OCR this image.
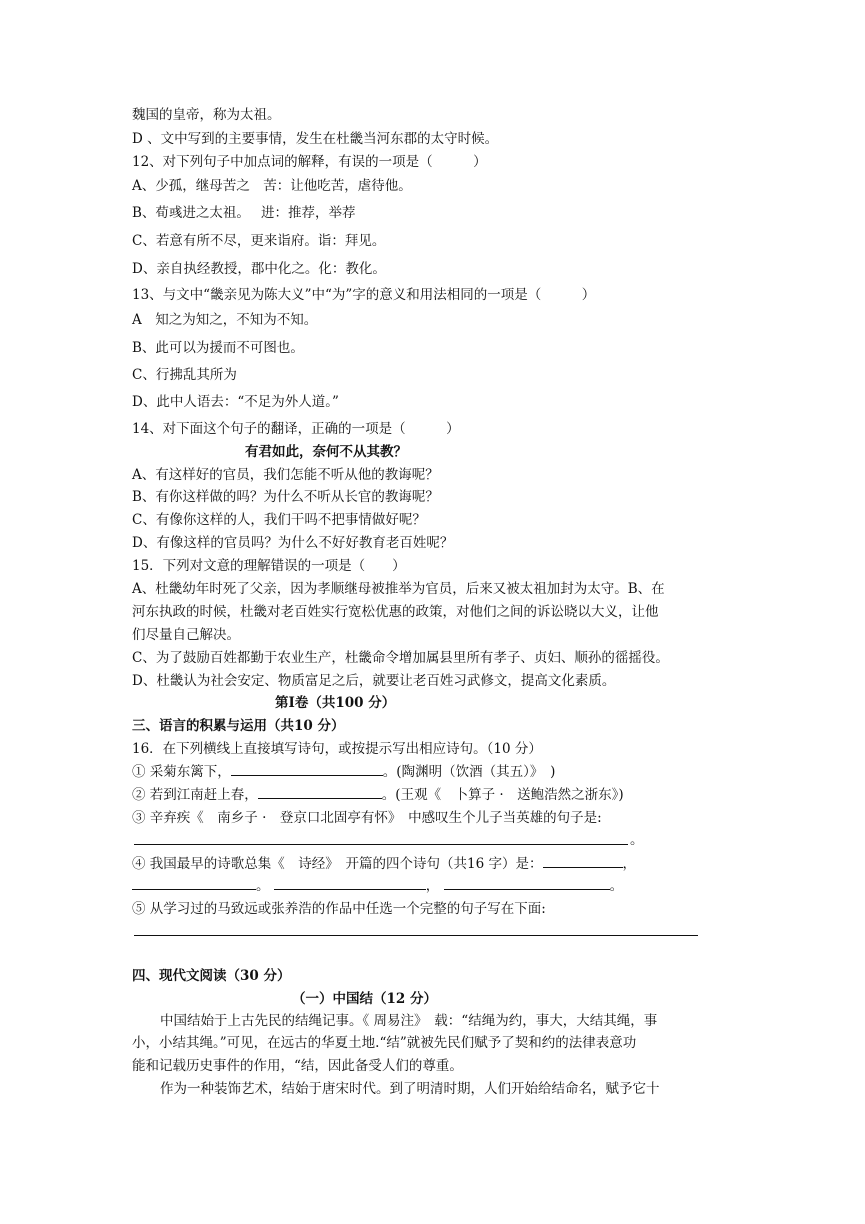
魏国的皇帝，称为太祖。
D 、文中写到的主要事情，发生在杜畿当河东郡的太守时候。
12、对下列句子中加点词的解释，有误的一项是（　　　）
A、少孤，继母苦之　苦：让他吃苦，虐待他。
B、荀彧进之太祖。　 进：推荐，举荐
C、若意有所不尽，更来诣府。诣：拜见。
D、亲自执经教授，郡中化之。化：教化。
13、与文中“畿亲见为陈大义”中“为”字的意义和用法相同的一项是（　　　）
A　知之为知之，不知为不知。
B、此可以为援而不可图也。
C、行拂乱其所为
D、此中人语去：“不足为外人道。”
14、对下面这个句子的翻译，正确的一项是（　　　）
有君如此，奈何不从其教？
A、有这样好的官员，我们怎能不听从他的教诲呢？
B、有你这样做的吗？为什么不听从长官的教诲呢？
C、有像你这样的人，我们干吗不把事情做好呢？
D、有像这样的官员吗？为什么不好好教育老百姓呢？
15．下列对文意的理解错误的一项是（　　）
A、杜畿幼年时死了父亲，因为孝顺继母被推举为官员，后来又被太祖加封为太守。B、在
河东执政的时候，杜畿对老百姓实行宽松优惠的政策，对他们之间的诉讼晓以大义，让他
们尽量自己解决。
C、为了鼓励百姓都勤于农业生产，杜畿命令增加属县里所有孝子、贞妇、顺孙的徭摇役。
D、杜畿认为社会安定、物质富足之后，就要让老百姓习武修文，提高文化素质。
第Ⅰ卷（共100 分）
三、语言的积累与运用（共10 分）
16．在下列横线上直接填写诗句，或按提示写出相应诗句。（10 分）
① 采菊东篱下，	。(陶渊明（饮酒（其五）》　)
② 若到江南赶上春，	。(王观《　卜算子 ·　送鲍浩然之浙东》)
③ 辛弃疾《　南乡子 ·　登京口北固亭有怀》　中感叹生个儿子当英雄的句子是:
。
④ 我国最早的诗歌总集《　诗经》　开篇的四个诗句（共16 字）是：	，
。	，	。
⑤ 从学习过的马致远或张养浩的作品中任选一个完整的句子写在下面:
四、现代文阅读（30 分）
（一）中国结（12 分）
中国结始于上古先民的结绳记事。《 周易注》　载：“结绳为约，事大，大结其绳，事
小，小结其绳。”可见，在远古的华夏土地.“结”就被先民们赋予了契和约的法律表意功
能和记载历史事件的作用，“结，因此备受人们的尊重。
作为一种装饰艺术，结始于唐宋时代。到了明清时期，人们开始给结命名，赋予它十
